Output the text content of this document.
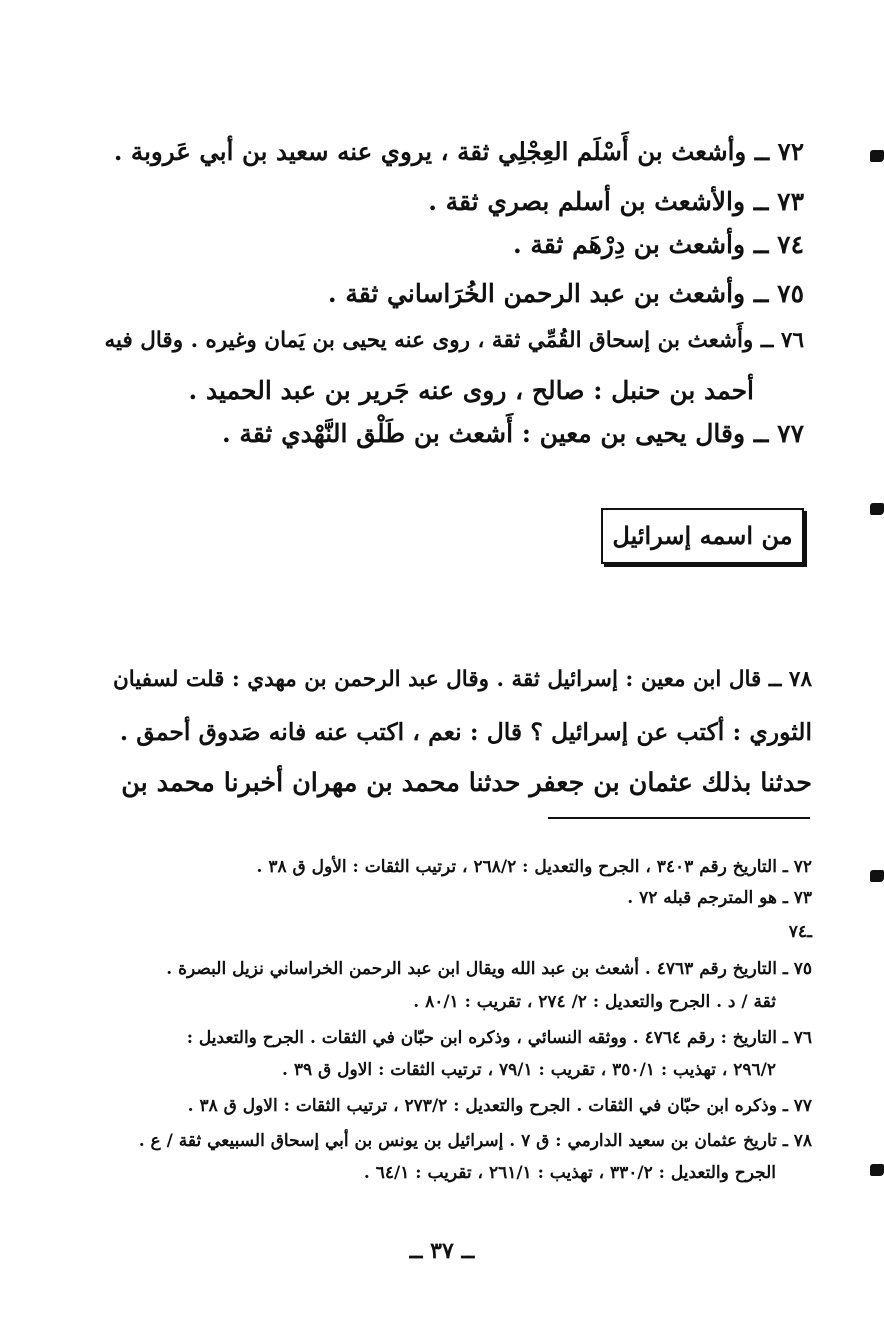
٧٢ ــ وأشعث بن أَسْلَم العِجْلِي ثقة ، يروي عنه سعيد بن أبي عَروبة .
٧٣ ــ والأشعث بن أسلم بصري ثقة .
٧٤ ــ وأشعث بن دِرْهَم ثقة .
٧٥ ــ وأشعث بن عبد الرحمن الخُرَاساني ثقة .
٧٦ ــ وأَشعث بن إسحاق القُمِّي ثقة ، روى عنه يحيى بن يَمان وغيره . وقال فيه
أحمد بن حنبل : صالح ، روى عنه جَرير بن عبد الحميد .
٧٧ ــ وقال يحيى بن معين : أَشعث بن طَلْق النَّهْدي ثقة .
من اسمه إسرائيل
٧٨ ــ قال ابن معين : إسرائيل ثقة . وقال عبد الرحمن بن مهدي : قلت لسفيان
الثوري : أكتب عن إسرائيل ؟ قال : نعم ، اكتب عنه فانه صَدوق أحمق .
حدثنا بذلك عثمان بن جعفر حدثنا محمد بن مهران أخبرنا محمد بن
٧٢ ـ التاريخ رقم ٣٤٠٣ ، الجرح والتعديل : ٢٦٨/٢ ، ترتيب الثقات : الأول ق ٣٨ .
٧٣ ـ هو المترجم قبله ٧٢ .
ـ٧٤
٧٥ ـ التاريخ رقم ٤٧٦٣ . أشعث بن عبد الله ويقال ابن عبد الرحمن الخراساني نزيل البصرة .
ثقة / د . الجرح والتعديل : ٢/ ٢٧٤ ، تقريب : ٨٠/١ .
٧٦ ـ التاريخ : رقم ٤٧٦٤ . ووثقه النسائي ، وذكره ابن حبّان في الثقات . الجرح والتعديل :
٢٩٦/٢ ، تهذيب : ٣٥٠/١ ، تقريب : ٧٩/١ ، ترتيب الثقات : الاول ق ٣٩ .
٧٧ ـ وذكره ابن حبّان في الثقات . الجرح والتعديل : ٢٧٣/٢ ، ترتيب الثقات : الاول ق ٣٨ .
٧٨ ـ تاريخ عثمان بن سعيد الدارمي : ق ٧ . إسرائيل بن يونس بن أبي إسحاق السبيعي ثقة / ع .
الجرح والتعديل : ٣٣٠/٢ ، تهذيب : ٢٦١/١ ، تقريب : ٦٤/١ .
ــ ٣٧ ــ
